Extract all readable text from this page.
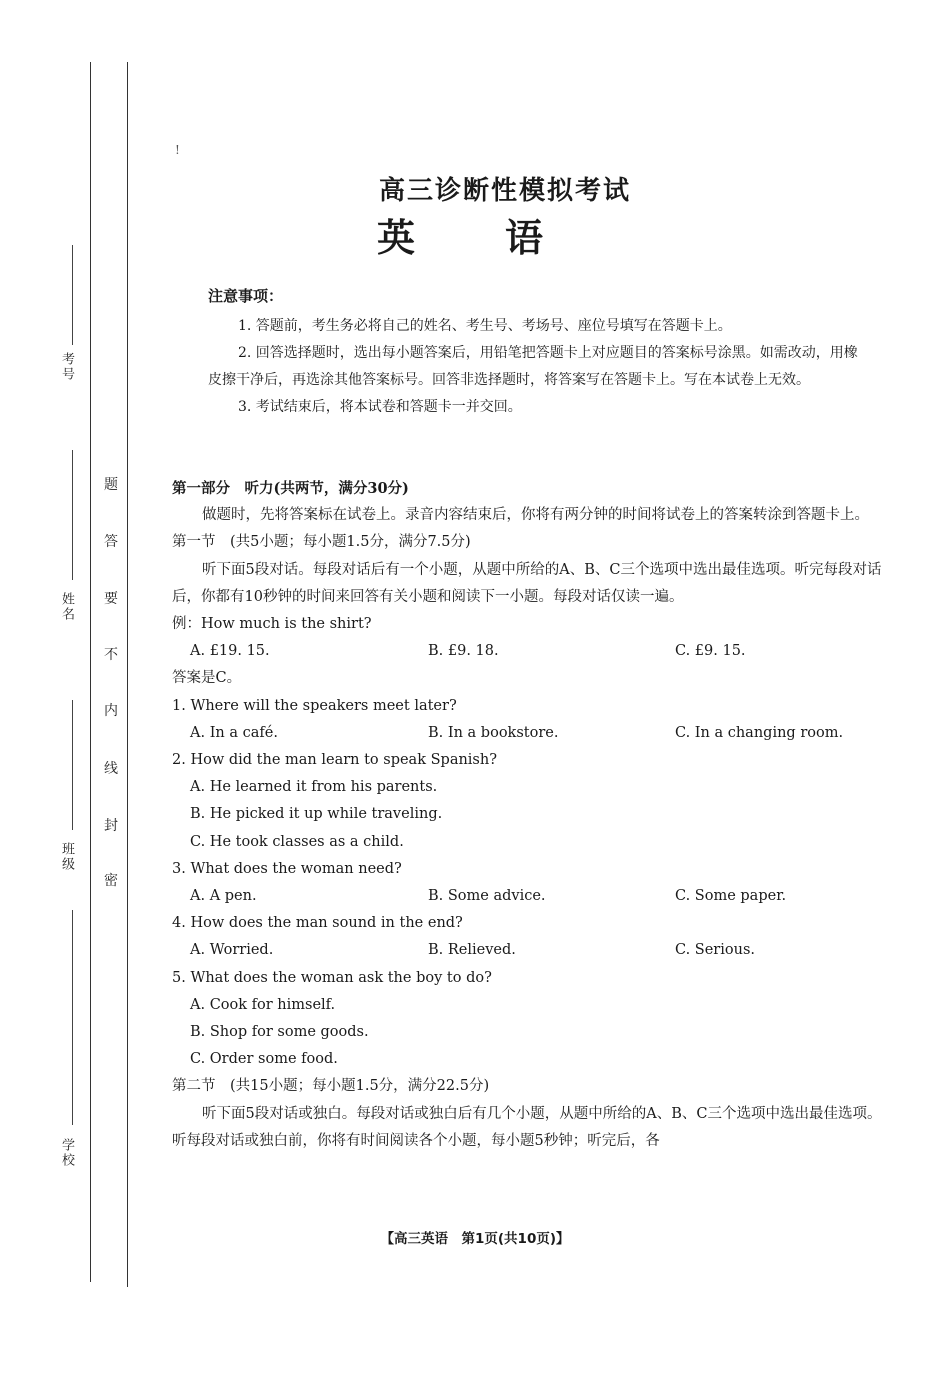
考号
姓名
班级
学校
题
答
要
不
内
线
封
密
!
高三诊断性模拟考试
英语
注意事项：

1. 答题前，考生务必将自己的姓名、考生号、考场号、座位号填写在答题卡上。

2. 回答选择题时，选出每小题答案后，用铅笔把答题卡上对应题目的答案标号涂黑。如需改动，用橡皮擦干净后，再选涂其他答案标号。回答非选择题时，将答案写在答题卡上。写在本试卷上无效。

3. 考试结束后，将本试卷和答题卡一并交回。

第一部分　听力(共两节，满分30分)

做题时，先将答案标在试卷上。录音内容结束后，你将有两分钟的时间将试卷上的答案转涂到答题卡上。

第一节　(共5小题；每小题1.5分，满分7.5分)

听下面5段对话。每段对话后有一个小题，从题中所给的A、B、C三个选项中选出最佳选项。听完每段对话后，你都有10秒钟的时间来回答有关小题和阅读下一小题。每段对话仅读一遍。

例：How much is the shirt?

A. £19. 15.	B. £9. 18.	C. £9. 15.

答案是C。

1. Where will the speakers meet later?

A. In a café.	B. In a bookstore.	C. In a changing room.

2. How did the man learn to speak Spanish?

A. He learned it from his parents.

B. He picked it up while traveling.

C. He took classes as a child.

3. What does the woman need?

A. A pen.	B. Some advice.	C. Some paper.

4. How does the man sound in the end?

A. Worried.	B. Relieved.	C. Serious.

5. What does the woman ask the boy to do?

A. Cook for himself.

B. Shop for some goods.

C. Order some food.

第二节　(共15小题；每小题1.5分，满分22.5分)

听下面5段对话或独白。每段对话或独白后有几个小题，从题中所给的A、B、C三个选项中选出最佳选项。听每段对话或独白前，你将有时间阅读各个小题，每小题5秒钟；听完后，各

【高三英语　第1页(共10页)】
